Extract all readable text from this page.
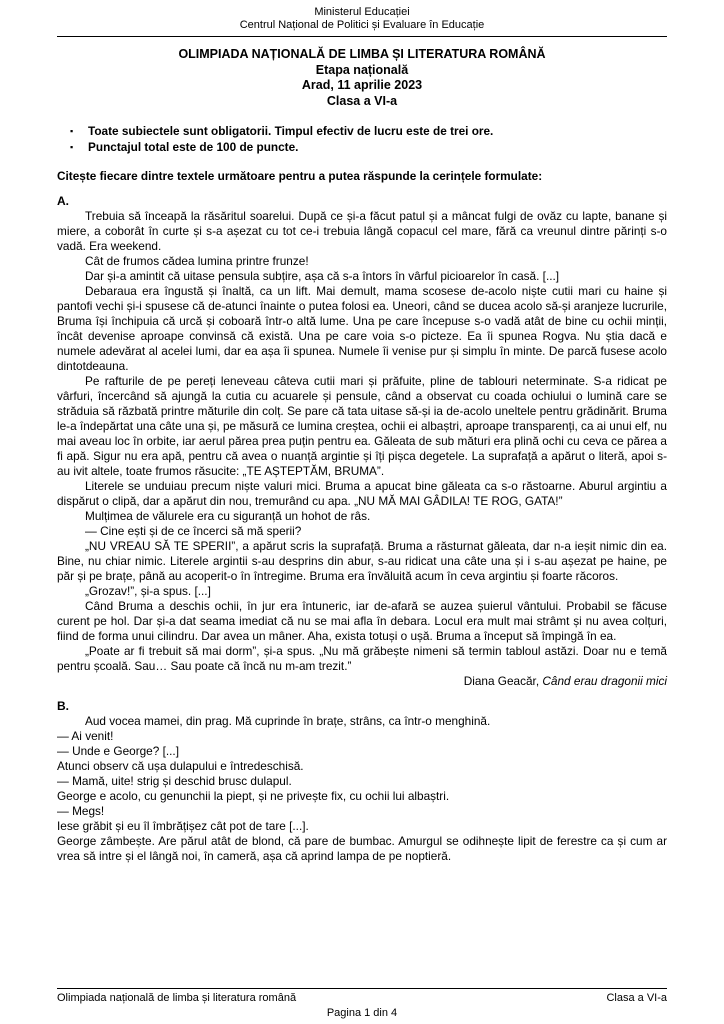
Ministerul Educației
Centrul Național de Politici și Evaluare în Educație
OLIMPIADA NAȚIONALĂ DE LIMBA ȘI LITERATURA ROMÂNĂ
Etapa națională
Arad, 11 aprilie 2023
Clasa a VI-a
▪	Toate subiectele sunt obligatorii. Timpul efectiv de lucru este de trei ore.
▪	Punctajul total este de 100 de puncte.

Citește fiecare dintre textele următoare pentru a putea răspunde la cerințele formulate:

A.

Trebuia să înceapă la răsăritul soarelui. După ce și-a făcut patul și a mâncat fulgi de ovăz cu lapte, banane și miere, a coborât în curte și s-a așezat cu tot ce-i trebuia lângă copacul cel mare, fără ca vreunul dintre părinți s-o vadă. Era weekend.

Cât de frumos cădea lumina printre frunze!

Dar și-a amintit că uitase pensula subțire, așa că s-a întors în vârful picioarelor în casă. [...]

Debaraua era îngustă și înaltă, ca un lift. Mai demult, mama scosese de-acolo niște cutii mari cu haine și pantofi vechi și-i spusese că de-atunci înainte o putea folosi ea. Uneori, când se ducea acolo să-și aranjeze lucrurile, Bruma își închipuia că urcă și coboară într-o altă lume. Una pe care începuse s-o vadă atât de bine cu ochii minții, încât devenise aproape convinsă că există. Una pe care voia s-o picteze. Ea îi spunea Rogva. Nu știa dacă e numele adevărat al acelei lumi, dar ea așa îi spunea. Numele îi venise pur și simplu în minte. De parcă fusese acolo dintotdeauna.

Pe rafturile de pe pereți leneveau câteva cutii mari și prăfuite, pline de tablouri neterminate. S-a ridicat pe vârfuri, încercând să ajungă la cutia cu acuarele și pensule, când a observat cu coada ochiului o lumină care se străduia să răzbată printre măturile din colț. Se pare că tata uitase să-și ia de-acolo uneltele pentru grădinărit. Bruma le-a îndepărtat una câte una și, pe măsură ce lumina creștea, ochii ei albaștri, aproape transparenți, ca ai unui elf, nu mai aveau loc în orbite, iar aerul părea prea puțin pentru ea. Găleata de sub mături era plină ochi cu ceva ce părea a fi apă. Sigur nu era apă, pentru că avea o nuanță argintie și îți pișca degetele. La suprafață a apărut o literă, apoi s-au ivit altele, toate frumos răsucite: „TE AȘTEPTĂM, BRUMA”.

Literele se unduiau precum niște valuri mici. Bruma a apucat bine găleata ca s-o răstoarne. Aburul argintiu a dispărut o clipă, dar a apărut din nou, tremurând cu apa. „NU MĂ MAI GÂDILA! TE ROG, GATA!”

Mulțimea de vălurele era cu siguranță un hohot de râs.

— Cine ești și de ce încerci să mă sperii?

„NU VREAU SĂ TE SPERII”, a apărut scris la suprafață. Bruma a răsturnat găleata, dar n-a ieșit nimic din ea. Bine, nu chiar nimic. Literele argintii s-au desprins din abur, s-au ridicat una câte una și i s-au așezat pe haine, pe păr și pe brațe, până au acoperit-o în întregime. Bruma era învăluită acum în ceva argintiu și foarte răcoros.

„Grozav!”, și-a spus. [...]

Când Bruma a deschis ochii, în jur era întuneric, iar de-afară se auzea șuierul vântului. Probabil se făcuse curent pe hol. Dar și-a dat seama imediat că nu se mai afla în debara. Locul era mult mai strâmt și nu avea colțuri, fiind de forma unui cilindru. Dar avea un mâner. Aha, exista totuși o ușă. Bruma a început să împingă în ea.

„Poate ar fi trebuit să mai dorm”, și-a spus. „Nu mă grăbește nimeni să termin tabloul astăzi. Doar nu e temă pentru școală. Sau… Sau poate că încă nu m-am trezit.”

Diana Geacăr, Când erau dragonii mici

B.

Aud vocea mamei, din prag. Mă cuprinde în brațe, strâns, ca într-o menghină.

— Ai venit!

— Unde e George? [...]

Atunci observ că ușa dulapului e întredeschisă.

— Mamă, uite! strig și deschid brusc dulapul.

George e acolo, cu genunchii la piept, și ne privește fix, cu ochii lui albaștri.

— Megs!

Iese grăbit și eu îl îmbrățișez cât pot de tare [...].

George zâmbește. Are părul atât de blond, că pare de bumbac. Amurgul se odihnește lipit de ferestre ca și cum ar vrea să intre și el lângă noi, în cameră, așa că aprind lampa de pe noptieră.

Olimpiada națională de limba și literatura română	Clasa a VI-a
Pagina 1 din 4
